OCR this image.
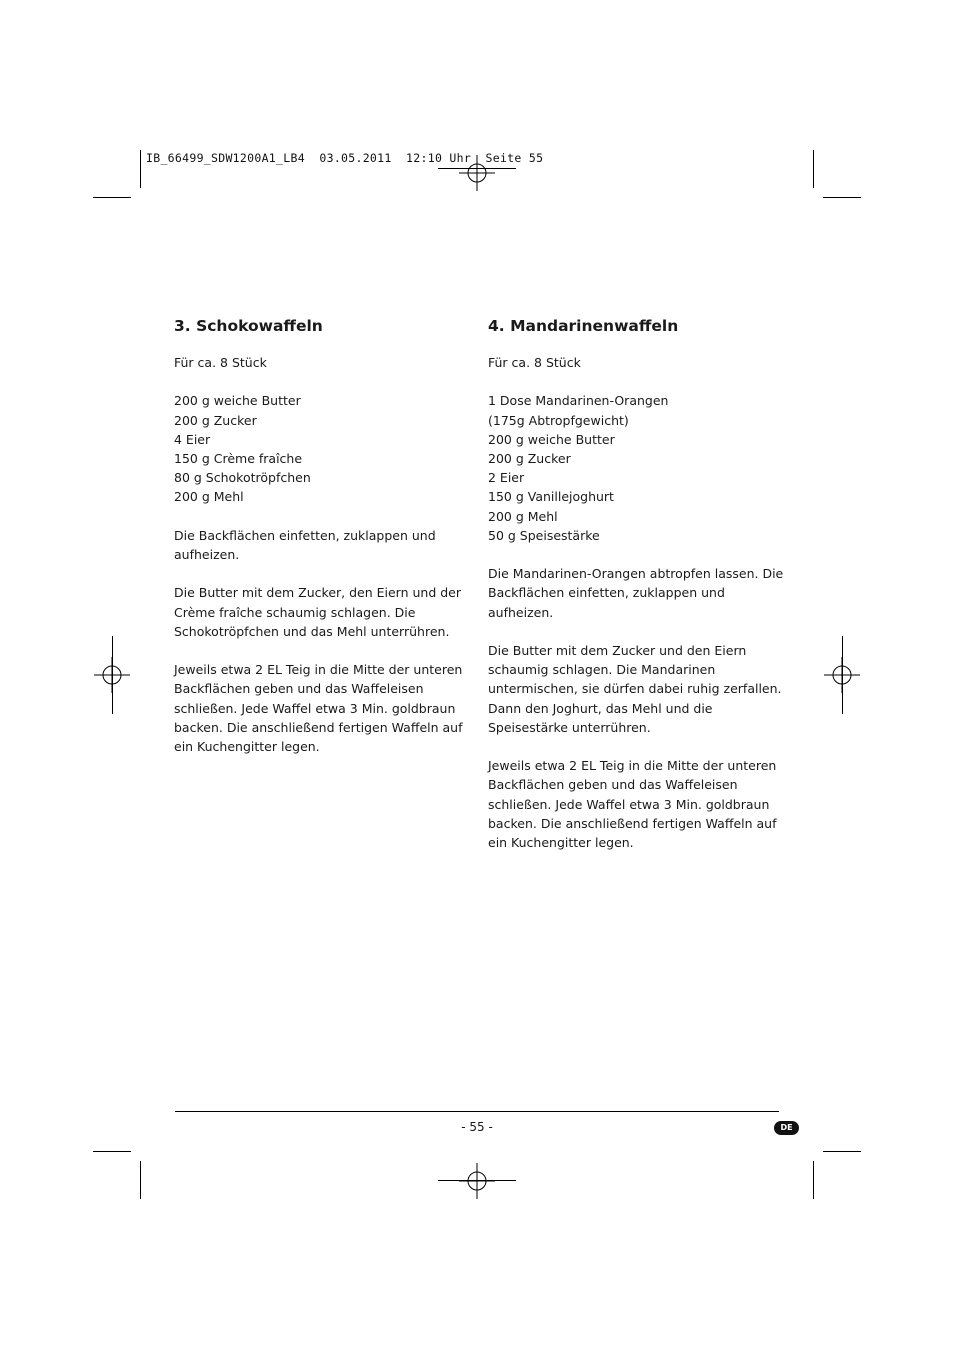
IB_66499_SDW1200A1_LB4  03.05.2011  12:10 Uhr  Seite 55
3. Schokowaffeln

Für ca. 8 Stück

200 g weiche Butter
200 g Zucker
4 Eier
150 g Crème fraîche
80 g Schokotröpfchen
200 g Mehl

Die Backflächen einfetten, zuklappen und aufheizen.

Die Butter mit dem Zucker, den Eiern und der Crème fraîche schaumig schlagen. Die Schokotröpfchen und das Mehl unterrühren.

Jeweils etwa 2 EL Teig in die Mitte der unteren Backflächen geben und das Waffeleisen schließen. Jede Waffel etwa 3 Min. goldbraun backen. Die anschließend fertigen Waffeln auf ein Kuchengitter legen.

4. Mandarinenwaffeln

Für ca. 8 Stück

1 Dose Mandarinen-Orangen
(175g Abtropfgewicht)
200 g weiche Butter
200 g Zucker
2 Eier
150 g Vanillejoghurt
200 g Mehl
50 g Speisestärke

Die Mandarinen-Orangen abtropfen lassen. Die Backflächen einfetten, zuklappen und aufheizen.

Die Butter mit dem Zucker und den Eiern schaumig schlagen. Die Mandarinen untermischen, sie dürfen dabei ruhig zerfallen. Dann den Joghurt, das Mehl und die Speisestärke unterrühren.

Jeweils etwa 2 EL Teig in die Mitte der unteren Backflächen geben und das Waffeleisen schließen. Jede Waffel etwa 3 Min. goldbraun backen. Die anschließend fertigen Waffeln auf ein Kuchengitter legen.

- 55 -	DE
